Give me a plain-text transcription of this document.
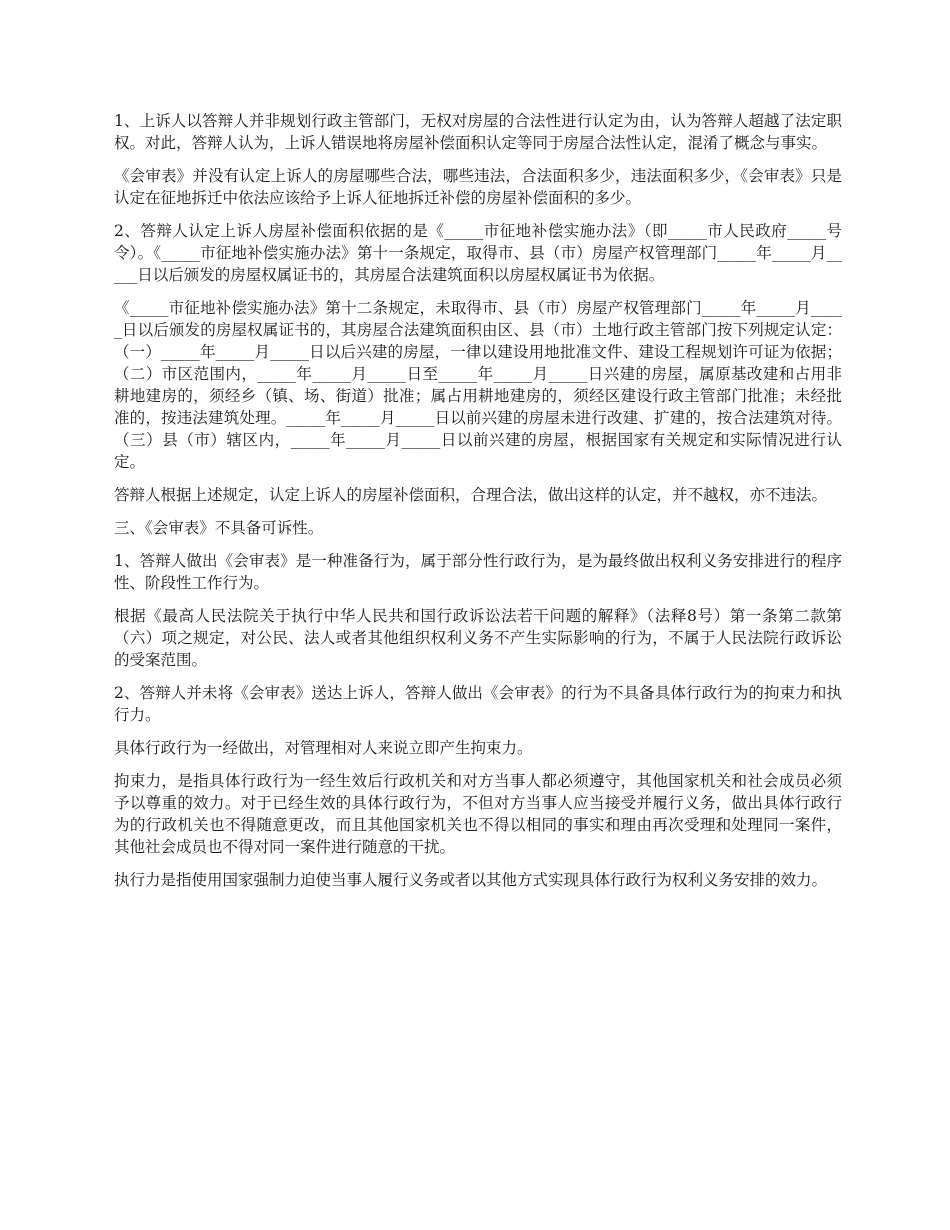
1、上诉人以答辩人并非规划行政主管部门，无权对房屋的合法性进行认定为由，认为答辩人超越了法定职权。对此，答辩人认为，上诉人错误地将房屋补偿面积认定等同于房屋合法性认定，混淆了概念与事实。

《会审表》并没有认定上诉人的房屋哪些合法，哪些违法，合法面积多少，违法面积多少，《会审表》只是认定在征地拆迁中依法应该给予上诉人征地拆迁补偿的房屋补偿面积的多少。

2、答辩人认定上诉人房屋补偿面积依据的是《_____市征地补偿实施办法》（即_____市人民政府_____号令）。《_____市征地补偿实施办法》第十一条规定，取得市、县（市）房屋产权管理部门_____年_____月_____日以后颁发的房屋权属证书的，其房屋合法建筑面积以房屋权属证书为依据。

《_____市征地补偿实施办法》第十二条规定，未取得市、县（市）房屋产权管理部门_____年_____月_____日以后颁发的房屋权属证书的，其房屋合法建筑面积由区、县（市）土地行政主管部门按下列规定认定：（一）_____年_____月_____日以后兴建的房屋，一律以建设用地批准文件、建设工程规划许可证为依据；（二）市区范围内，_____年_____月_____日至_____年_____月_____日兴建的房屋，属原基改建和占用非耕地建房的，须经乡（镇、场、街道）批准；属占用耕地建房的，须经区建设行政主管部门批准；未经批准的，按违法建筑处理。_____年_____月_____日以前兴建的房屋未进行改建、扩建的，按合法建筑对待。（三）县（市）辖区内，_____年_____月_____日以前兴建的房屋，根据国家有关规定和实际情况进行认定。

答辩人根据上述规定，认定上诉人的房屋补偿面积，合理合法，做出这样的认定，并不越权，亦不违法。

三、《会审表》不具备可诉性。

1、答辩人做出《会审表》是一种准备行为，属于部分性行政行为，是为最终做出权利义务安排进行的程序性、阶段性工作行为。

根据《最高人民法院关于执行中华人民共和国行政诉讼法若干问题的解释》（法释8号）第一条第二款第（六）项之规定，对公民、法人或者其他组织权利义务不产生实际影响的行为，不属于人民法院行政诉讼的受案范围。

2、答辩人并未将《会审表》送达上诉人，答辩人做出《会审表》的行为不具备具体行政行为的拘束力和执行力。

具体行政行为一经做出，对管理相对人来说立即产生拘束力。

拘束力，是指具体行政行为一经生效后行政机关和对方当事人都必须遵守，其他国家机关和社会成员必须予以尊重的效力。对于已经生效的具体行政行为，不但对方当事人应当接受并履行义务，做出具体行政行为的行政机关也不得随意更改，而且其他国家机关也不得以相同的事实和理由再次受理和处理同一案件，其他社会成员也不得对同一案件进行随意的干扰。

执行力是指使用国家强制力迫使当事人履行义务或者以其他方式实现具体行政行为权利义务安排的效力。
